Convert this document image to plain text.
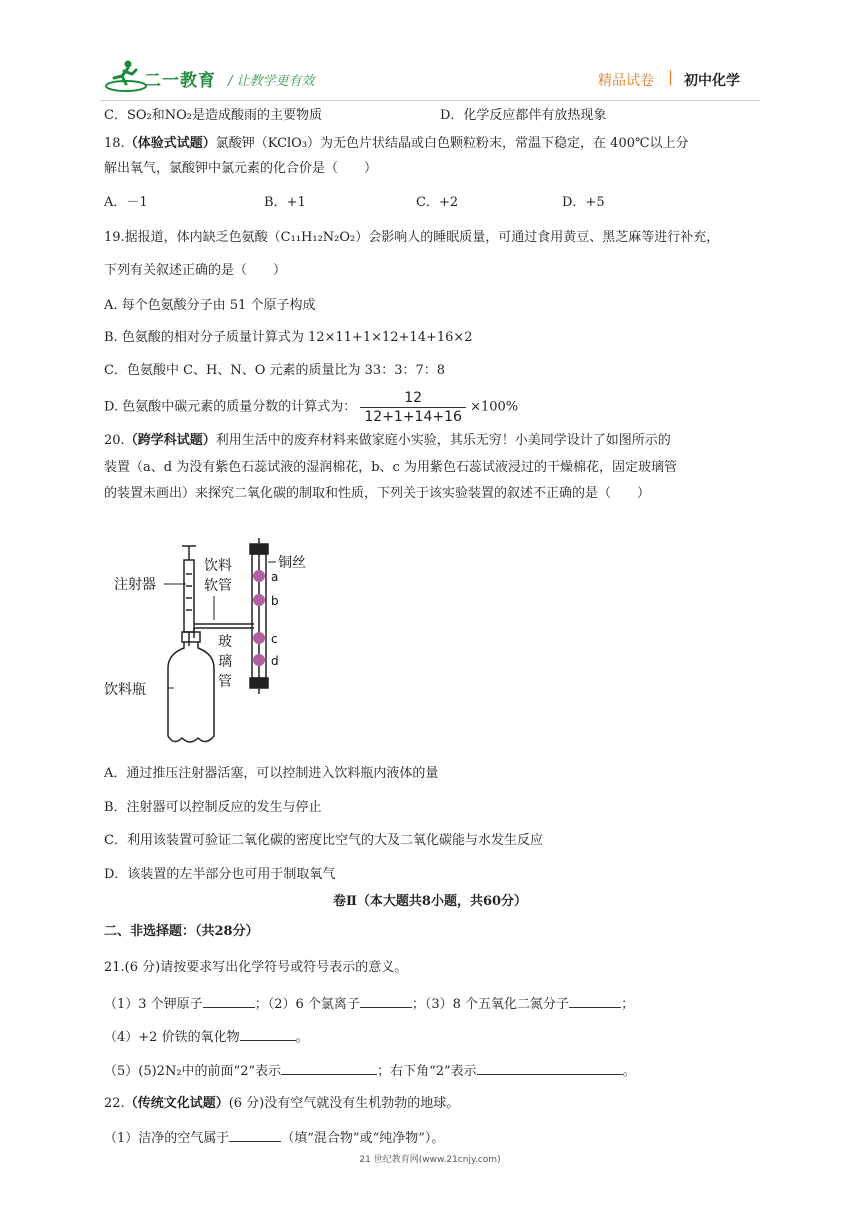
二一教育 / 让教学更有效	精品试卷 | 初中化学
C．SO₂和NO₂是造成酸雨的主要物质	D．化学反应都伴有放热现象
18.（体验式试题）氯酸钾（KClO₃）为无色片状结晶或白色颗粒粉末，常温下稳定，在 400℃以上分
解出氧气，氯酸钾中氯元素的化合价是（　　）
A．－1	B．+1	C．+2	D．+5
19.据报道，体内缺乏色氨酸（C₁₁H₁₂N₂O₂）会影响人的睡眠质量，可通过食用黄豆、黑芝麻等进行补充，
下列有关叙述正确的是（　　）
A. 每个色氨酸分子由 51 个原子构成
B. 色氨酸的相对分子质量计算式为 12×11+1×12+14+16×2
C．色氨酸中 C、H、N、O 元素的质量比为 33：3：7：8
D. 色氨酸中碳元素的质量分数的计算式为： $\frac{12}{12+1+14+16} \times 100\%$
20.（跨学科试题）利用生活中的废弃材料来做家庭小实验，其乐无穷！小美同学设计了如图所示的
装置（a、d 为没有紫色石蕊试液的湿润棉花，b、c 为用紫色石蕊试液浸过的干燥棉花，固定玻璃管
的装置未画出）来探究二氧化碳的制取和性质，下列关于该实验装置的叙述不正确的是（　　）
注射器
饮料
软管
玻
璃
管
铜丝
饮料瓶
a
b
c
d
A．通过推压注射器活塞，可以控制进入饮料瓶内液体的量
B．注射器可以控制反应的发生与停止
C．利用该装置可验证二氧化碳的密度比空气的大及二氧化碳能与水发生反应
D．该装置的左半部分也可用于制取氧气
卷Ⅱ（本大题共8小题，共60分）
二、非选择题：（共28分）
21.(6 分)请按要求写出化学符号或符号表示的意义。
（1）3 个钾原子	；（2）6 个氯离子	；（3）8 个五氧化二氮分子	；
（4）+2 价铁的氧化物	。
（5）(5)2N₂中的前面“2”表示	；右下角“2”表示	。
22.（传统文化试题）(6 分)没有空气就没有生机勃勃的地球。
（1）洁净的空气属于	（填“混合物”或“纯净物”）。
21 世纪教育网(www.21cnjy.com)
